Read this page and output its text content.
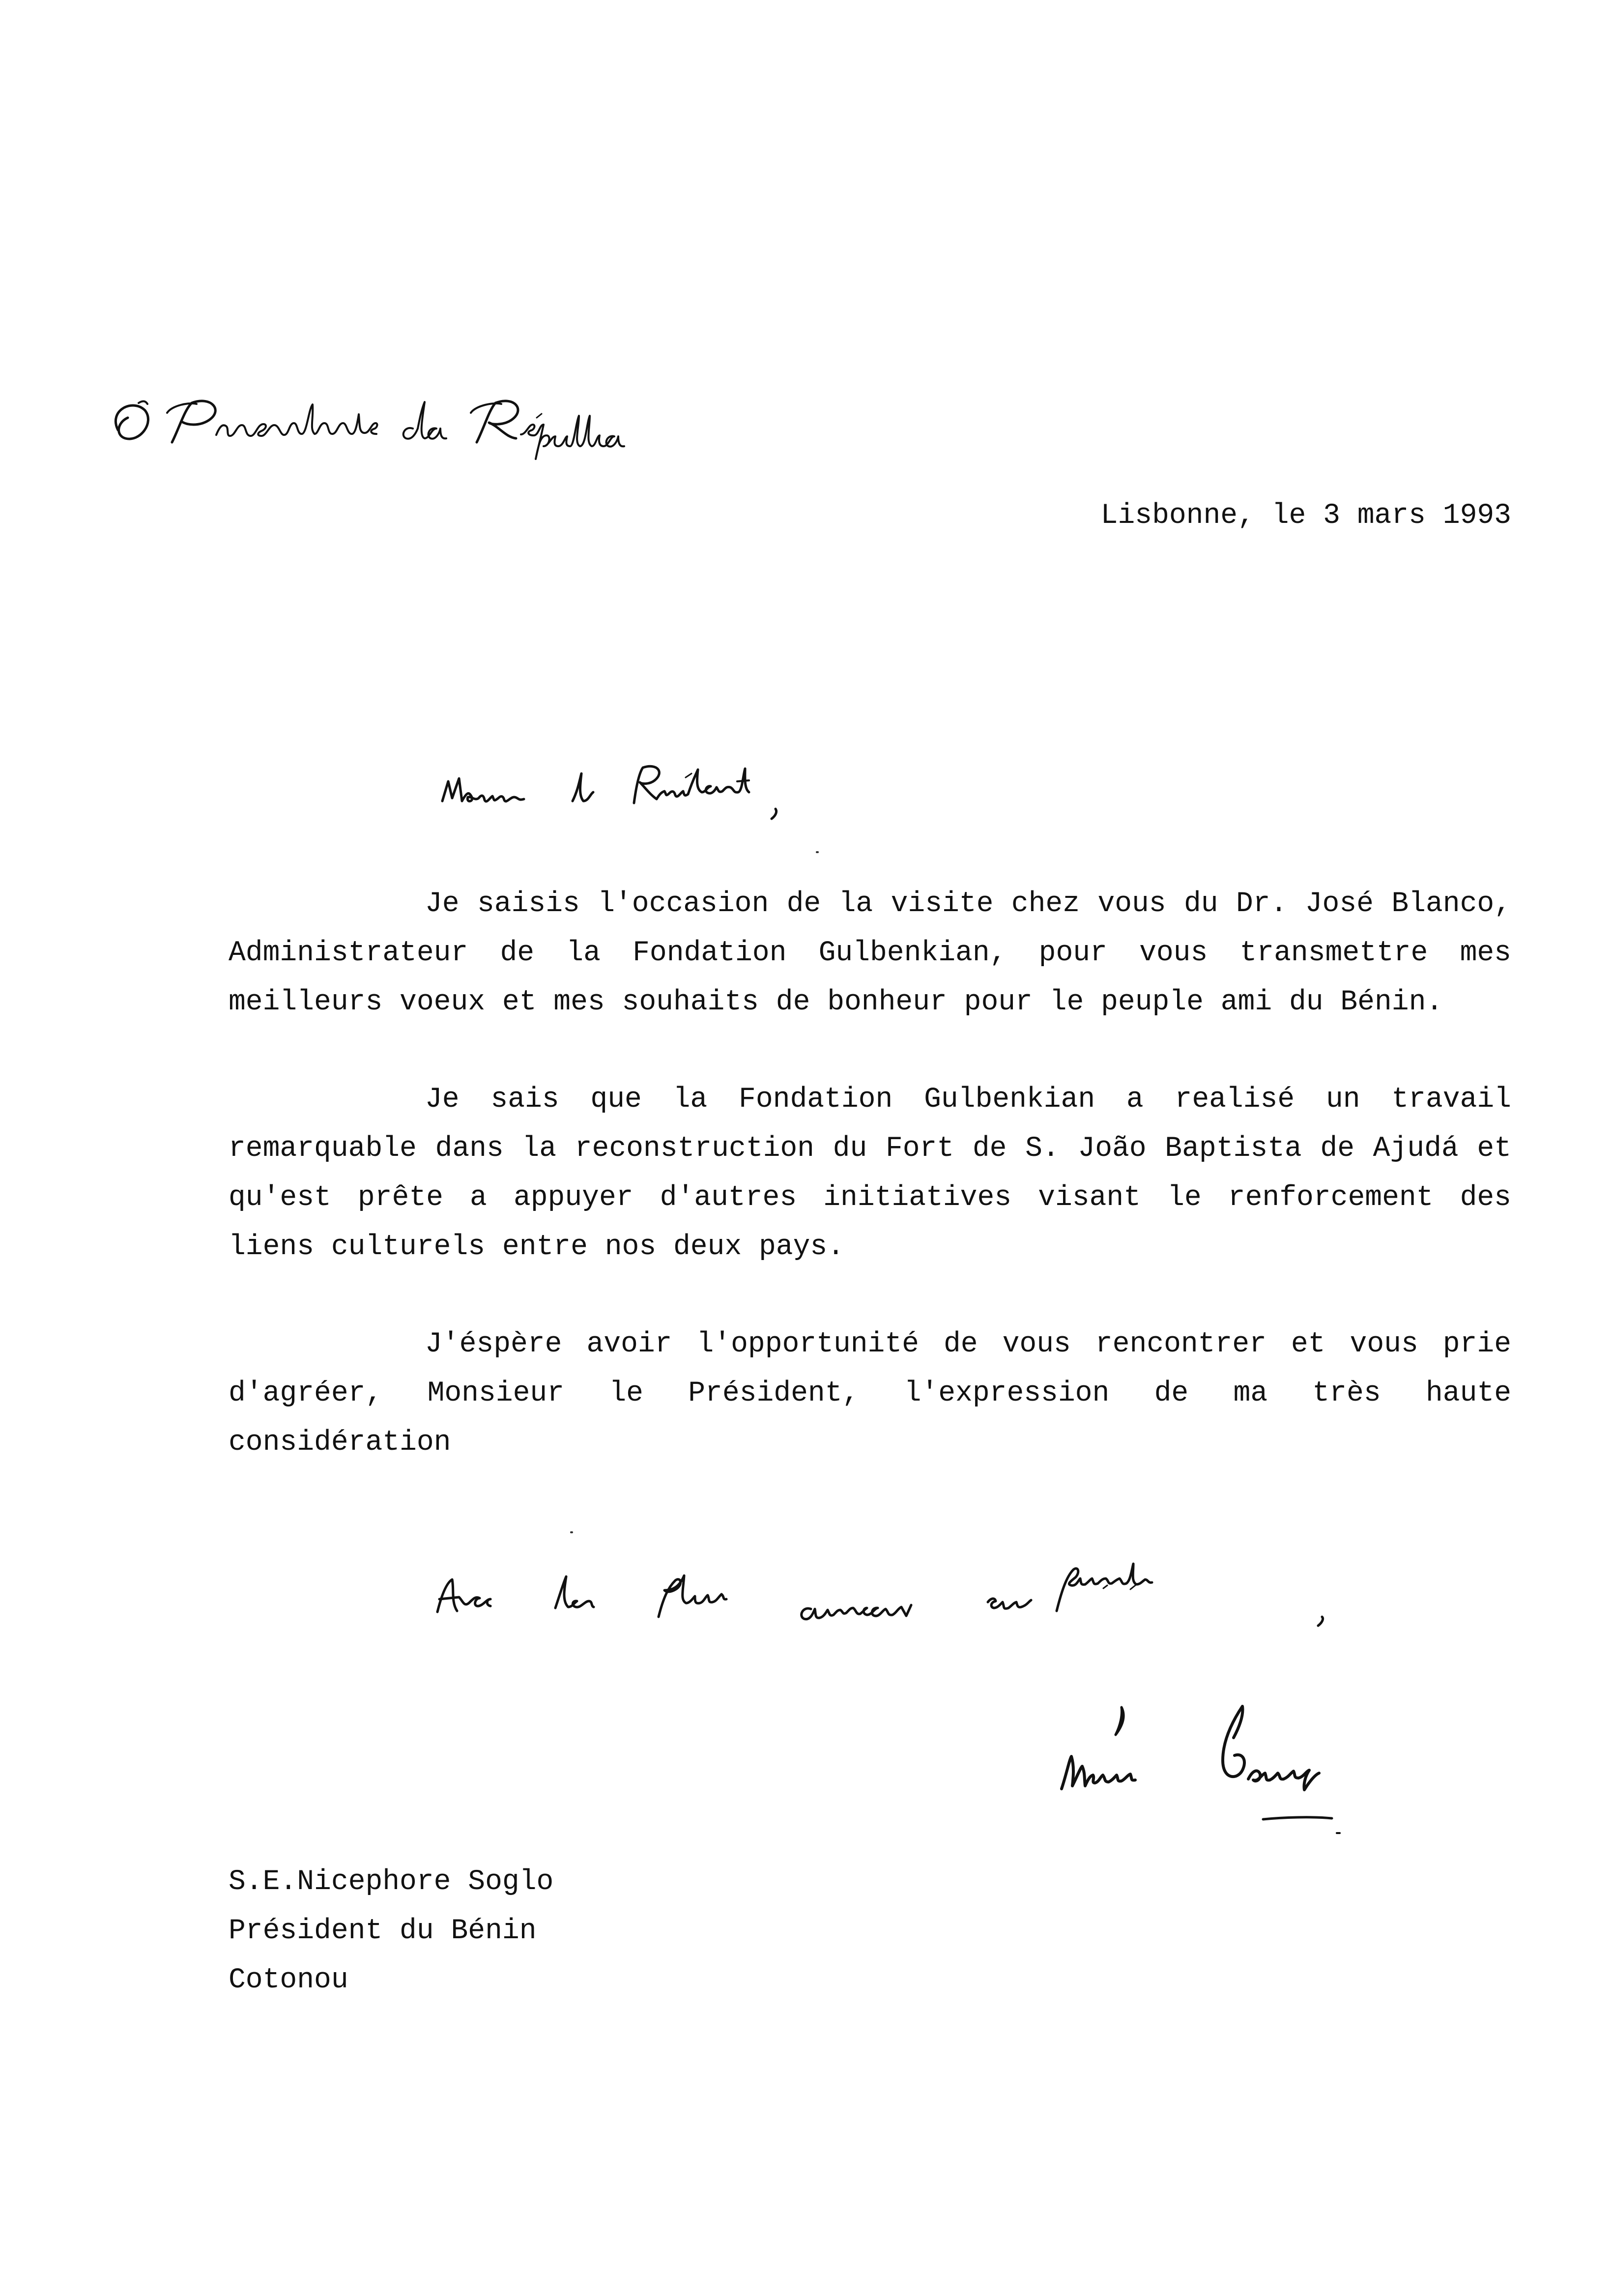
Lisbonne, le 3 mars 1993

Je saisis l'occasion de la visite chez vous du Dr. José Blanco, Administrateur de la Fondation Gulbenkian, pour vous transmettre mes meilleurs voeux et mes souhaits de bonheur pour le peuple ami du Bénin.

Je sais que la Fondation Gulbenkian a realisé un travail remarquable dans la reconstruction du Fort de S. João Baptista de Ajudá et qu'est prête a appuyer d'autres initiatives visant le renforcement des liens culturels entre nos deux pays.

J'éspère avoir l'opportunité de vous rencontrer et vous prie d'agréer, Monsieur le Président, l'expression de ma très haute considération

S.E.Nicephore Soglo
Président du Bénin
Cotonou
